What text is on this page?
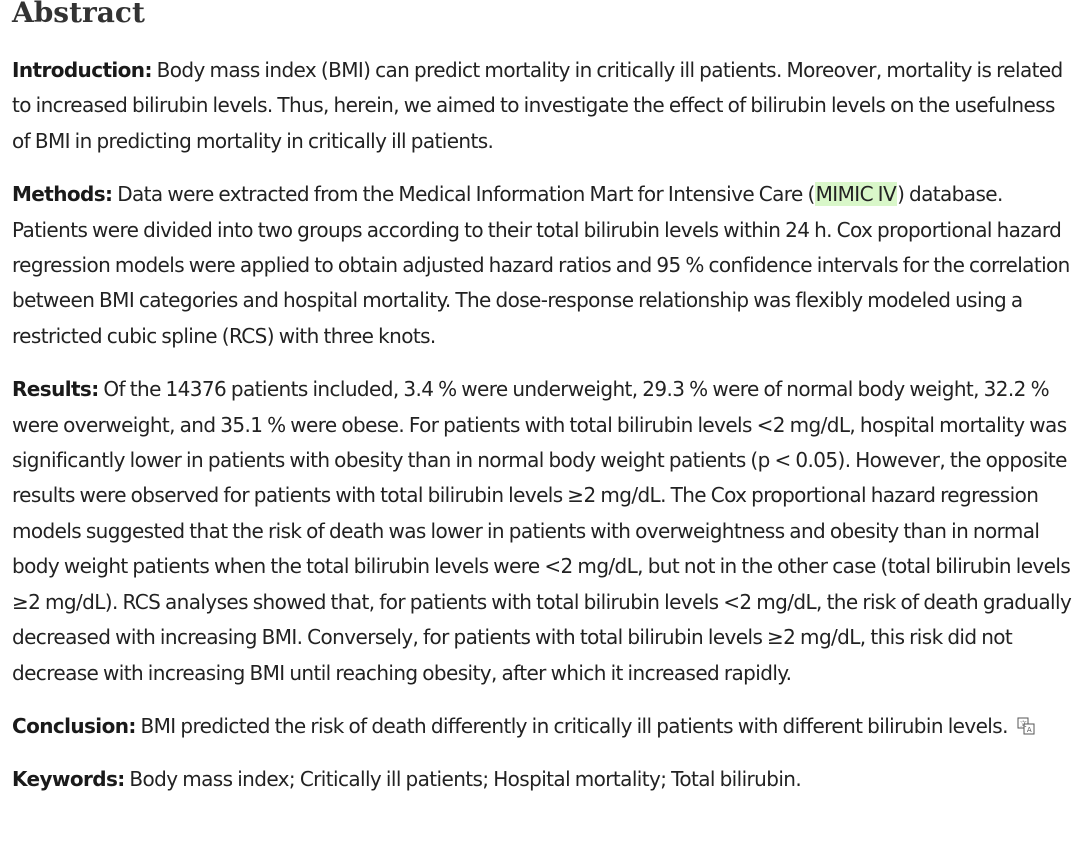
Abstract

Introduction: Body mass index (BMI) can predict mortality in critically ill patients. Moreover, mortality is related to increased bilirubin levels. Thus, herein, we aimed to investigate the effect of bilirubin levels on the usefulness of BMI in predicting mortality in critically ill patients.

Methods: Data were extracted from the Medical Information Mart for Intensive Care (MIMIC IV) database. Patients were divided into two groups according to their total bilirubin levels within 24 h. Cox proportional hazard regression models were applied to obtain adjusted hazard ratios and 95 % confidence intervals for the correlation between BMI categories and hospital mortality. The dose-response relationship was flexibly modeled using a restricted cubic spline (RCS) with three knots.

Results: Of the 14376 patients included, 3.4 % were underweight, 29.3 % were of normal body weight, 32.2 % were overweight, and 35.1 % were obese. For patients with total bilirubin levels <2 mg/dL, hospital mortality was significantly lower in patients with obesity than in normal body weight patients (p < 0.05). However, the opposite results were observed for patients with total bilirubin levels ≥2 mg/dL. The Cox proportional hazard regression models suggested that the risk of death was lower in patients with overweightness and obesity than in normal body weight patients when the total bilirubin levels were <2 mg/dL, but not in the other case (total bilirubin levels ≥2 mg/dL). RCS analyses showed that, for patients with total bilirubin levels <2 mg/dL, the risk of death gradually decreased with increasing BMI. Conversely, for patients with total bilirubin levels ≥2 mg/dL, this risk did not decrease with increasing BMI until reaching obesity, after which it increased rapidly.

Conclusion: BMI predicted the risk of death differently in critically ill patients with different bilirubin levels. 文
A

Keywords: Body mass index; Critically ill patients; Hospital mortality; Total bilirubin.
